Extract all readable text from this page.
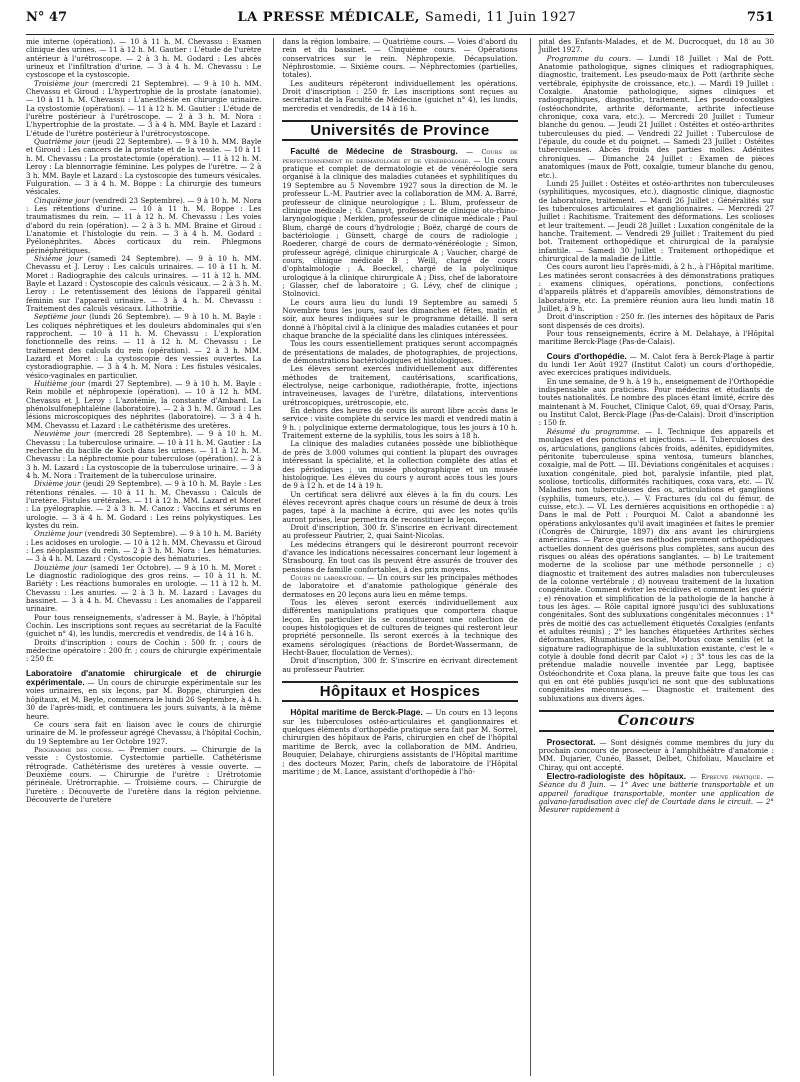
N° 47	LA PRESSE MÉDICALE, Samedi, 11 Juin 1927	751

mie interne (opération). — 10 à 11 h. M. Chevassu : Examen clinique des urines. — 11 à 12 h. M. Gautier : L'étude de l'urètre antérieur à l'urétroscope. — 2 à 3 h. M. Godard : Les abcès urineux et l'infiltration d'urine. — 3 à 4 h. M. Chevassu : Le cystoscope et la cystoscopie.

Troisième jour (mercredi 21 Septembre). — 9 à 10 h. MM. Chevassu et Giroud : L'hypertrophie de la prostate (anatomie). — 10 à 11 h. M. Chevassu : L'anesthésie en chirurgie urinaire. La cystostomie (opération). — 11 à 12 h. M. Gautier : L'étude de l'urètre postérieur à l'urétroscope. — 2 à 3 h. M. Nora : L'hypertrophie de la prostate. — 3 à 4 h. MM. Bayle et Lazard : L'étude de l'urètre postérieur à l'urétrocystoscope.

Quatrième jour (jeudi 22 Septembre). — 9 à 10 h. MM. Bayle et Giroud : Les cancers de la prostate et de la vessie. — 10 à 11 h. M. Chevassu : La prostatectomie (opération). — 11 à 12 h. M. Leroy : La blennorragie féminine. Les polypes de l'urètre. — 2 à 3 h. MM. Bayle et Lazard : La cystoscopie des tumeurs vésicales. Fulguration. — 3 à 4 h. M. Boppe : La chirurgie des tumeurs vésicales.

Cinquième jour (vendredi 23 Septembre). — 9 à 10 h. M. Nora : Les rétentions d'urine. — 10 à 11 h. M. Boppe : Les traumatismes du rein. — 11 à 12 h. M. Chevassu : Les voies d'abord du rein (opération). — 2 à 3 h. MM. Braine et Giroud : L'anatomie et l'histologie du rein. — 3 à 4 h. M. Godard : Pyélonéphrites. Abcès corticaux du rein. Phlegmons périnéphrétiques.

Sixième jour (samedi 24 Septembre). — 9 à 10 h. MM. Chevassu et J. Leroy : Les calculs urinaires. — 10 à 11 h. M. Moret : Radiographie des calculs urinaires. — 11 à 12 h. MM. Bayle et Lazard : Cystoscopie des calculs vésicaux. — 2 à 3 h. M. Leroy : Le retentissement des lésions de l'appareil génital féminin sur l'appareil urinaire. — 3 à 4 h. M. Chevassu : Traitement des calculs vésicaux. Lithotritie.

Septième jour (lundi 26 Septembre). — 9 à 10 h. M. Bayle : Les coliques néphrétiques et les douleurs abdominales qui s'en rapprochent. — 10 à 11 h. M. Chevassu : L'exploration fonctionnelle des reins. — 11 à 12 h. M. Chevassu : Le traitement des calculs du rein (opération). — 2 à 3 h. MM. Lazard et Moret : La cystoscopie des vessies ouvertes. La cystoradiographie. — 3 à 4 h. M. Nora : Les fistules vésicales, vésico-vaginales en particulier.

Huitième jour (mardi 27 Septembre). — 9 à 10 h. M. Bayle : Rein mobile et néphropexie (opération). — 10 à 12 h. MM. Chevassu et J. Leroy : L'azotémie, la constante d'Ambard. La phénolsulfonephtaléine (laboratoire). — 2 à 3 h. M. Giroud : Les lésions microscopiques des néphrites (laboratoire). — 3 à 4 h. MM. Chevassu et Lazard : Le cathétérisme des uretères.

Neuvième jour (mercredi 28 Septembre). — 9 à 10 h. M. Chevassu : La tuberculose urinaire. — 10 à 11 h. M. Gautier : La recherche du bacille de Koch dans les urines. — 11 à 12 h. M. Chevassu : La néphrectomie pour tuberculose (opération). — 2 à 3 h. M. Lazard : La cystoscopie de la tuberculose urinaire. — 3 à 4 h. M. Nora : Traitement de la tuberculose urinaire.

Dixième jour (jeudi 29 Septembre). — 9 à 10 h. M. Bayle : Les rétentions rénales. — 10 à 11 h. M. Chevassu : Calculs de l'uretère. Fistules urétérales. — 11 à 12 h. MM. Lazard et Moret : La pyélographie. — 2 à 3 h. M. Canoz : Vaccins et sérums en urologie. — 3 à 4 h. M. Godard : Les reins polykystiques. Les kystes du rein.

Onzième jour (vendredi 30 Septembre). — 9 à 10 h. M. Bariéty : Les acidoses en urologie. — 10 à 12 h. MM. Chevassu et Giroud : Les néoplasmes du rein. — 2 à 3 h. M. Nora : Les hématuries. — 3 à 4 h. M. Lazard : Cystoscopie des hématuries.

Douzième jour (samedi 1er Octobre). — 9 à 10 h. M. Moret : Le diagnostic radiologique des gros reins. — 10 à 11 h. M. Bariéty : Les réactions humorales en urologie. — 11 à 12 h. M. Chevassu : Les anuries. — 2 à 3 h. M. Lazard : Lavages du bassinet. — 3 à 4 h. M. Chevassu : Les anomalies de l'appareil urinaire.

Pour tous renseignements, s'adresser à M. Bayle, à l'hôpital Cochin. Les inscriptions sont reçues au secrétariat de la Faculté (guichet n° 4), les lundis, mercredis et vendredis, de 14 à 16 h.

Droits d'inscription : cours de Cochin : 500 fr. ; cours de médecine opératoire : 200 fr. ; cours de chirurgie expérimentale : 250 fr.

Laboratoire d'anatomie chirurgicale et de chirurgie expérimentale. — Un cours de chirurgie expérimentale sur les voies urinaires, en six leçons, par M. Boppe, chirurgien des hôpitaux, et M. Beyle, commencera le lundi 26 Septembre, à 4 h. 30 de l'après-midi, et continuera les jours suivants, à la même heure.

Ce cours sera fait en liaison avec le cours de chirurgie urinaire de M. le professeur agrégé Chevassu, à l'hôpital Cochin, du 19 Septembre au 1er Octobre 1927.

Programme des cours. — Premier cours. — Chirurgie de la vessie : Cystostomie. Cystectomie partielle. Cathétérisme rétrograde. Cathétérisme des uretères à vessie ouverte. — Deuxième cours. — Chirurgie de l'urètre : Urétrotomie périnéale. Urétrorraphie. — Troisième cours. — Chirurgie de l'uretère : Découverte de l'uretère dans la région pelvienne. Découverte de l'uretère

dans la région lombaire. — Quatrième cours. — Voies d'abord du rein et du bassinet. — Cinquième cours. — Opérations conservatrices sur le rein. Néphropexie. Décapsulation. Néphrostomie. — Sixième cours. — Néphrectomies (partielles, totales).

Les auditeurs répéteront individuellement les opérations. Droit d'inscription : 250 fr. Les inscriptions sont reçues au secrétariat de la Faculté de Médecine (guichet n° 4), les lundis, mercredis et vendredis, de 14 à 16 h.

Universités de Province

Faculté de Médecine de Strasbourg. — Cours de perfectionnement de dermatologie et de vénéréologie. — Un cours pratique et complet de dermatologie et de vénéréologie sera organisé à la clinique des maladies cutanées et syphilitiques du 19 Septembre au 5 Novembre 1927 sous la direction de M. le professeur L.-M. Pautrier avec la collaboration de MM. A. Barré, professeur de clinique neurologique ; L. Blum, professeur de clinique médicale ; G. Canuyt, professeur de clinique oto-rhino-laryngologique ; Merklen, professeur de clinique médicale ; Paul Blum, chargé de cours d'hydrologie ; Boëz, chargé de cours de bactériologie ; Günsett, chargé de cours de radiologie ; Roederer, chargé de cours de dermato-vénéréologie ; Simon, professeur agrégé, clinique chirurgicale A ; Vaucher, chargé de cours, clinique médicale B ; Weill, chargé de cours d'ophtalmologie ; A. Boeckel, chargé de la polyclinique urologique à la clinique chirurgicale A ; Diss, chef de laboratoire ; Glasser, chef de laboratoire ; G. Lévy, chef de clinique ; Stolnovici.

Le cours aura lieu du lundi 19 Septembre au samedi 5 Novembre tous les jours, sauf les dimanches et fêtes, matin et soir, aux heures indiquées sur le programme détaillé. Il sera donné à l'hôpital civil à la clinique des maladies cutanées et pour chaque branche de la spécialité dans les cliniques intéressées.

Tous les cours essentiellement pratiques seront accompagnés de présentations de malades, de photographies, de projections, de démonstrations bactériologiques et histologiques.

Les élèves seront exercés individuellement aux différentes méthodes de traitement, cautérisations, scarifications, électrolyse, neige carbonique, radiothérapie, frotte, injections intraveineuses, lavages de l'urètre, dilatations, interventions urétroscopiques, urétroscopie, etc.

En dehors des heures de cours ils auront libre accès dans le service : visite complète du service les mardi et vendredi matin à 9 h. ; polyclinique externe dermatologique, tous les jours à 10 h. Traitement externe de la syphilis, tous les soirs à 18 h.

La clinique des maladies cutanées possède une bibliothèque de près de 3.000 volumes qui contient la plupart des ouvrages intéressant la spécialité, et la collection complète des atlas et des périodiques ; un musée photographique et un musée histologique. Les élèves du cours y auront accès tous les jours de 9 à 12 h. et de 14 à 19 h.

Un certificat sera délivré aux élèves à la fin du cours. Les élèves recevront après chaque cours un résumé de deux à trois pages, tapé à la machine à écrire, qui avec les notes qu'ils auront prises, leur permettra de reconstituer la leçon.

Droit d'inscription, 300 fr. S'inscrire en écrivant directement au professeur Pautrier, 2, quai Saint-Nicolas.

Les médecins étrangers qui le désireront pourront recevoir d'avance les indications nécessaires concernant leur logement à Strasbourg. En tout cas ils peuvent être assurés de trouver des pensions de famille confortables, à des prix moyens.

Cours de laboratoire. — Un cours sur les principales méthodes de laboratoire et d'anatomie pathologique générale des dermatoses en 20 leçons aura lieu en même temps.

Tous les élèves seront exercés individuellement aux différentes manipulations pratiques que comportera chaque leçon. En particulier ils se constitueront une collection de coupes histologiques et de cultures de teignes qui resteront leur propriété personnelle. Ils seront exercés à la technique des examens sérologiques (réactions de Bordet-Wassermann, de Hecht-Bauer, floculation de Vernes).

Droit d'inscription, 300 fr. S'inscrire en écrivant directement au professeur Pautrier.

Hôpitaux et Hospices

Hôpital maritime de Berck-Plage. — Un cours en 13 leçons sur les tuberculoses ostéo-articulaires et ganglionnaires et quelques éléments d'orthopédie pratique sera fait par M. Sorrel, chirurgien des hôpitaux de Paris, chirurgien en chef de l'hôpital maritime de Berck, avec la collaboration de MM. Andrieu, Bouquier, Delahaye, chirurgiens assistants de l'Hôpital maritime ; des docteurs Mozer, Parin, chefs de laboratoire de l'Hôpital maritime ; de M. Lance, assistant d'orthopédie à l'hô-

pital des Enfants-Malades, et de M. Ducrocquet, du 18 au 30 Juillet 1927.

Programme du cours. — Lundi 18 Juillet : Mal de Pott. Anatomie pathologique, signes cliniques et radiographiques, diagnostic, traitement. Les pseudo-maux de Pott (arthrite sèche vertébrale, épiphysite de croissance, etc.). — Mardi 19 Juillet : Coxalgie. Anatomie pathologique, signes cliniques et radiographiques, diagnostic, traitement. Les pseudo-coxalgies (ostéochondrite, arthrite déformante, arthrite infectieuse chronique, coxa vara, etc.). — Mercredi 20 Juillet : Tumeur blanche du genou. — Jeudi 21 Juillet : Ostéites et ostéo-arthrites tuberculeuses du pied. — Vendredi 22 Juillet : Tuberculose de l'épaule, du coude et du poignet. — Samedi 23 Juillet : Ostéites tuberculeuses. Abcès froids des parties molles. Adénites chroniques. — Dimanche 24 Juillet : Examen de pièces anatomiques (maux de Pott, coxalgie, tumeur blanche du genou, etc.).

Lundi 25 Juillet : Ostéites et ostéo-arthrites non tuberculeuses (syphilitiques, mycosiques, etc.), diagnostic clinique, diagnostic de laboratoire, traitement. — Mardi 26 Juillet : Généralités sur les tuberculoses articulaires et ganglionnaires. — Mercredi 27 Juillet : Rachitisme. Traitement des déformations. Les scolioses et leur traitement. — Jeudi 28 Juillet : Luxation congénitale de la hanche. Traitement. — Vendredi 29 Juillet : Traitement du pied bot. Traitement orthopédique et chirurgical de la paralysie infantile. — Samedi 30 Juillet : Traitement orthopédique et chirurgical de la maladie de Little.

Ces cours auront lieu l'après-midi, à 2 h., à l'Hôpital maritime. Les matinées seront consacrées à des démonstrations pratiques : examens cliniques, opérations, ponctions, confections d'appareils plâtrés et d'appareils amovibles, démonstrations de laboratoire, etc. La première réunion aura lieu lundi matin 18 Juillet, à 9 h.

Droit d'inscription : 250 fr. (les internes des hôpitaux de Paris sont dispensés de ces droits).

Pour tous renseignements, écrire à M. Delahaye, à l'Hôpital maritime Berck-Plage (Pas-de-Calais).

Cours d'orthopédie. — M. Calot fera à Berck-Plage à partir du lundi 1er Août 1927 (Institut Calot) un cours d'orthopédie, avec exercices pratiques individuels.

En une semaine, de 9 h. à 19 h., enseignement de l'Orthopédie indispensable aux praticiens. Pour médecins et étudiants de toutes nationalités. Le nombre des places étant limité, écrire dès maintenant à M. Fouchet, Clinique Calot, 69, quai d'Orsay, Paris, ou Institut Calot, Berck-Plage (Pas-de-Calais). Droit d'inscription : 150 fr.

Résumé du programme. — I. Technique des appareils et moulages et des ponctions et injections. — II. Tuberculoses des os, articulations, ganglions (abcès froids, adénites, épididymites, péritonite tuberculeuse spina ventosa, tumeurs blanches, coxalgie, mal de Pott. — III. Déviations congénitales et acquises : luxation congénitale, pied bot, paralysie infantile, pied plat, scoliose, torticolis, difformités rachitiques, coxa vara, etc. — IV. Maladies non tuberculeuses des os, articulations et ganglions (syphilis, tumeurs, etc.). — V. Fractures (du col du fémur, de cuisse, etc.). — VI. Les dernières acquisitions en orthopédie : a) Dans le mal de Pott : Pourquoi M. Calot a abandonné les opérations ankylosantes qu'il avait imaginées et faites le premier (Congrès de Chirurgie, 1897) dix ans avant les chirurgiens américains. — Parce que ses méthodes purement orthopédiques actuelles donnent des guérisons plus complètes, sans aucun des risques ou aléas des opérations sanglantes. — b) Le traitement moderne de la scoliose par une méthode personnelle ; c) diagnostic et traitement des autres maladies non tuberculeuses de la colonne vertébrale ; d) nouveau traitement de la luxation congénitale. Comment éviter les récidives et comment les guérir ; e) rénovation et simplification de la pathologie de la hanche à tous les âges. — Rôle capital ignoré jusqu'ici des subluxations congénitales. Sont des subluxations congénitales méconnues : 1° près de moitié des cas actuellement étiquetés Coxalgies (enfants et adultes réunis) ; 2° les hanches étiquetées Arthrites sèches déformantes, Rhumatisme localisé, Morbus coxæ senilis (et la signature radiographique de la subluxation existante, c'est le « cotyle à double fond décrit par Calot ») ; 3° tous les cas de la prétendue maladie nouvelle inventée par Legg, baptisée Ostéochondrite et Coxa plana, la preuve faite que tous les cas qui en ont été publiés jusqu'ici ne sont que des subluxations congénitales méconnues. — Diagnostic et traitement des subluxations aux divers âges.

Concours

Prosectorat. — Sont désignés comme membres du jury du prochain concours de prosecteur à l'amphithéâtre d'anatomie : MM. Dujarier, Cunéo, Basset, Delbet, Chifoliau, Mauclaire et Chiray, qui ont accepté.

Electro-radiologiste des hôpitaux. — Épreuve pratique. — Séance du 8 Juin. — 1° Avec une batterie transportable et un appareil faradique transportable, monter une application de galvano-faradisation avec clef de Courtade dans le circuit. — 2° Mesurer rapidement à
